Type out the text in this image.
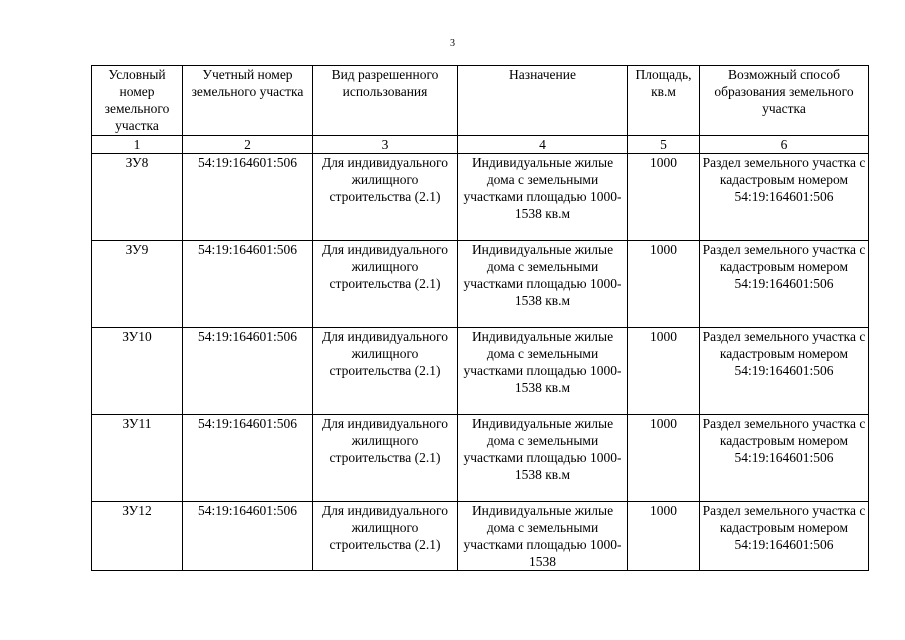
3
Условный номер земельного участка	Учетный номер земельного участка	Вид разрешенного использования	Назначение	Площадь, кв.м	Возможный способ образования земельного участка
1	2	3	4	5	6
ЗУ8	54:19:164601:506	Для индивидуального жилищного строительства (2.1)	Индивидуальные жилые дома с земельными участками площадью 1000-1538 кв.м	1000	Раздел земельного участка с кадастровым номером 54:19:164601:506
ЗУ9	54:19:164601:506	Для индивидуального жилищного строительства (2.1)	Индивидуальные жилые дома с земельными участками площадью 1000-1538 кв.м	1000	Раздел земельного участка с кадастровым номером 54:19:164601:506
ЗУ10	54:19:164601:506	Для индивидуального жилищного строительства (2.1)	Индивидуальные жилые дома с земельными участками площадью 1000-1538 кв.м	1000	Раздел земельного участка с кадастровым номером 54:19:164601:506
ЗУ11	54:19:164601:506	Для индивидуального жилищного строительства (2.1)	Индивидуальные жилые дома с земельными участками площадью 1000-1538 кв.м	1000	Раздел земельного участка с кадастровым номером 54:19:164601:506
ЗУ12	54:19:164601:506	Для индивидуального жилищного строительства (2.1)	Индивидуальные жилые дома с земельными участками площадью 1000-1538	1000	Раздел земельного участка с кадастровым номером 54:19:164601:506
